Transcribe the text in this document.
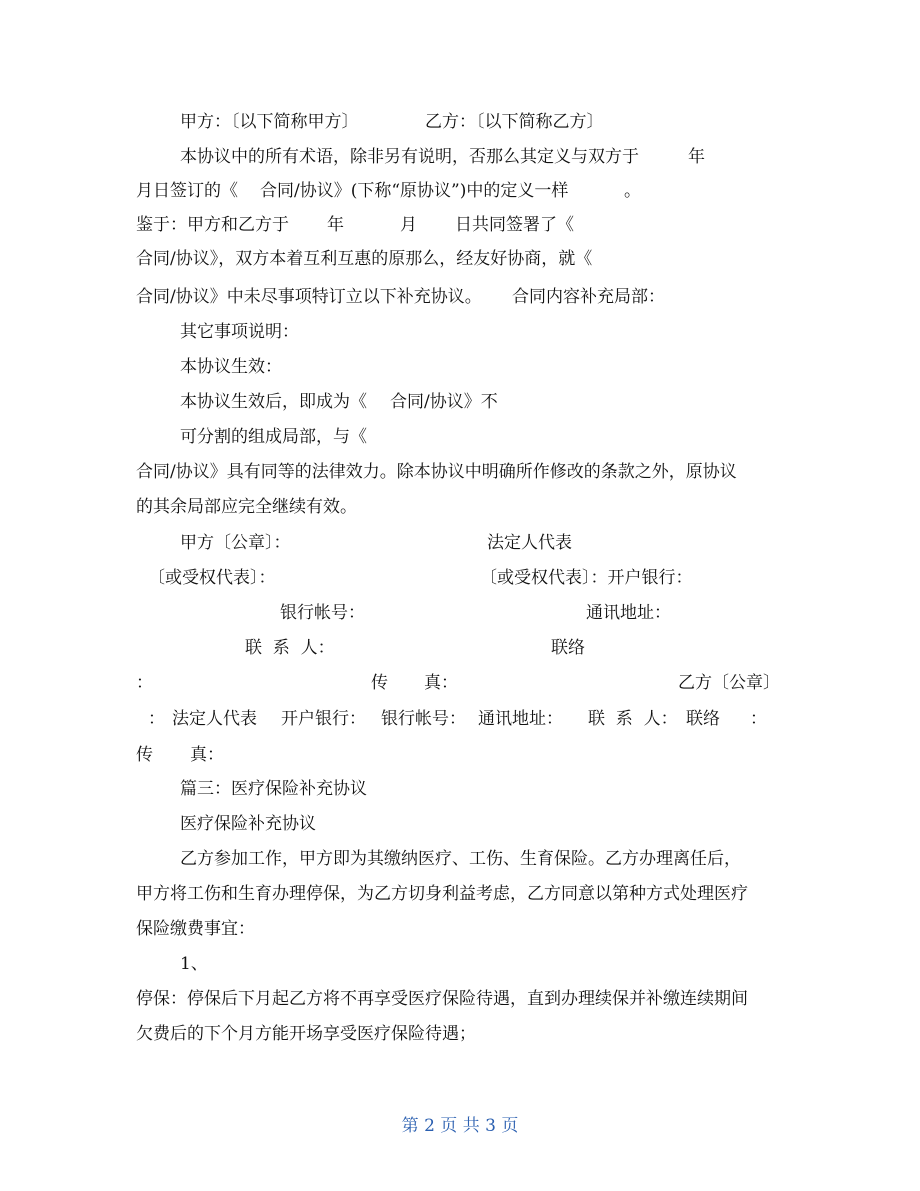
甲方：〔以下简称甲方〕	乙方：〔以下简称乙方〕
本协议中的所有术语，除非另有说明，否那么其定义与双方于	年
月日签订的《 合同/协议》(下称“原协议”)中的定义一样	。
鉴于：甲方和乙方于 年	月 日共同签署了《
合同/协议》，双方本着互利互惠的原那么，经友好协商，就《
合同/协议》中未尽事项特订立以下补充协议。 合同内容补充局部：
其它事项说明：
本协议生效：
本协议生效后，即成为《 合同/协议》不
可分割的组成局部，与《
合同/协议》具有同等的法律效力。除本协议中明确所作修改的条款之外，原协议
的其余局部应完全继续有效。
甲方〔公章〕：	法定人代表
〔或受权代表〕：	〔或受权代表〕：开户银行：
银行帐号：	通讯地址：
联  系  人：	联络
：	传 真：	乙方〔公章〕
： 法定人代表 开户银行： 银行帐号： 通讯地址： 联  系  人： 联络 ：
传 真：
篇三：医疗保险补充协议
医疗保险补充协议
乙方参加工作，甲方即为其缴纳医疗、工伤、生育保险。乙方办理离任后，
甲方将工伤和生育办理停保，为乙方切身利益考虑，乙方同意以第种方式处理医疗
保险缴费事宜：
1、
停保：停保后下月起乙方将不再享受医疗保险待遇，直到办理续保并补缴连续期间
欠费后的下个月方能开场享受医疗保险待遇；
第 2 页 共 3 页
